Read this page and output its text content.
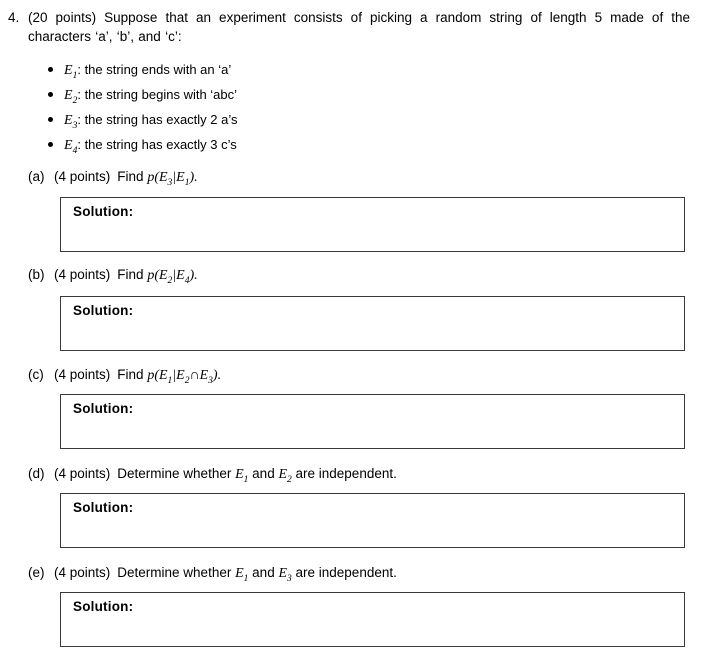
4. (20 points) Suppose that an experiment consists of picking a random string of length 5 made of the characters ‘a’, ‘b’, and ‘c’:
$E_1$: the string ends with an ‘a’
$E_2$: the string begins with ‘abc’
$E_3$: the string has exactly 2 a’s
$E_4$: the string has exactly 3 c’s
(a) (4 points) Find $p(E_3|E_1)$.
Solution:
(b) (4 points) Find $p(E_2|E_4)$.
Solution:
(c) (4 points) Find $p(E_1|E_2\cap E_3)$.
Solution:
(d) (4 points) Determine whether $E_1$ and $E_2$ are independent.
Solution:
(e) (4 points) Determine whether $E_1$ and $E_3$ are independent.
Solution:
